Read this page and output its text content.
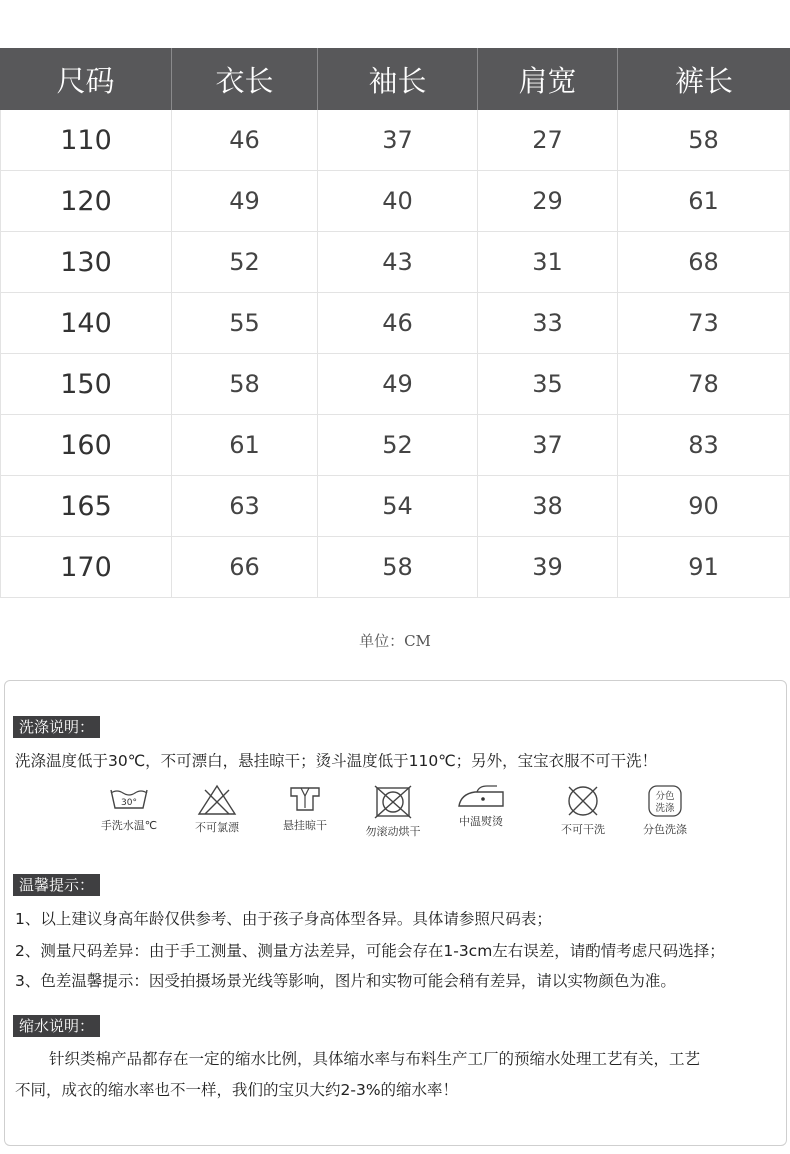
尺码	衣长	袖长	肩宽	裤长
110	46	37	27	58
120	49	40	29	61
130	52	43	31	68
140	55	46	33	73
150	58	49	35	78
160	61	52	37	83
165	63	54	38	90
170	66	58	39	91
单位：CM
洗涤说明：
洗涤温度低于30℃，不可漂白，悬挂晾干；烫斗温度低于110℃；另外，宝宝衣服不可干洗！
30°
手洗水温℃	不可氯漂	悬挂晾干	勿滚动烘干
中温熨烫
不可干洗
分色
洗涤
分色洗涤
温馨提示：
1、以上建议身高年龄仅供参考、由于孩子身高体型各异。具体请参照尺码表；
2、测量尺码差异：由于手工测量、测量方法差异，可能会存在1-3cm左右误差，请酌情考虑尺码选择；
3、色差温馨提示：因受拍摄场景光线等影响，图片和实物可能会稍有差异，请以实物颜色为准。
缩水说明：
针织类棉产品都存在一定的缩水比例，具体缩水率与布料生产工厂的预缩水处理工艺有关，工艺
不同，成衣的缩水率也不一样，我们的宝贝大约2-3%的缩水率！
